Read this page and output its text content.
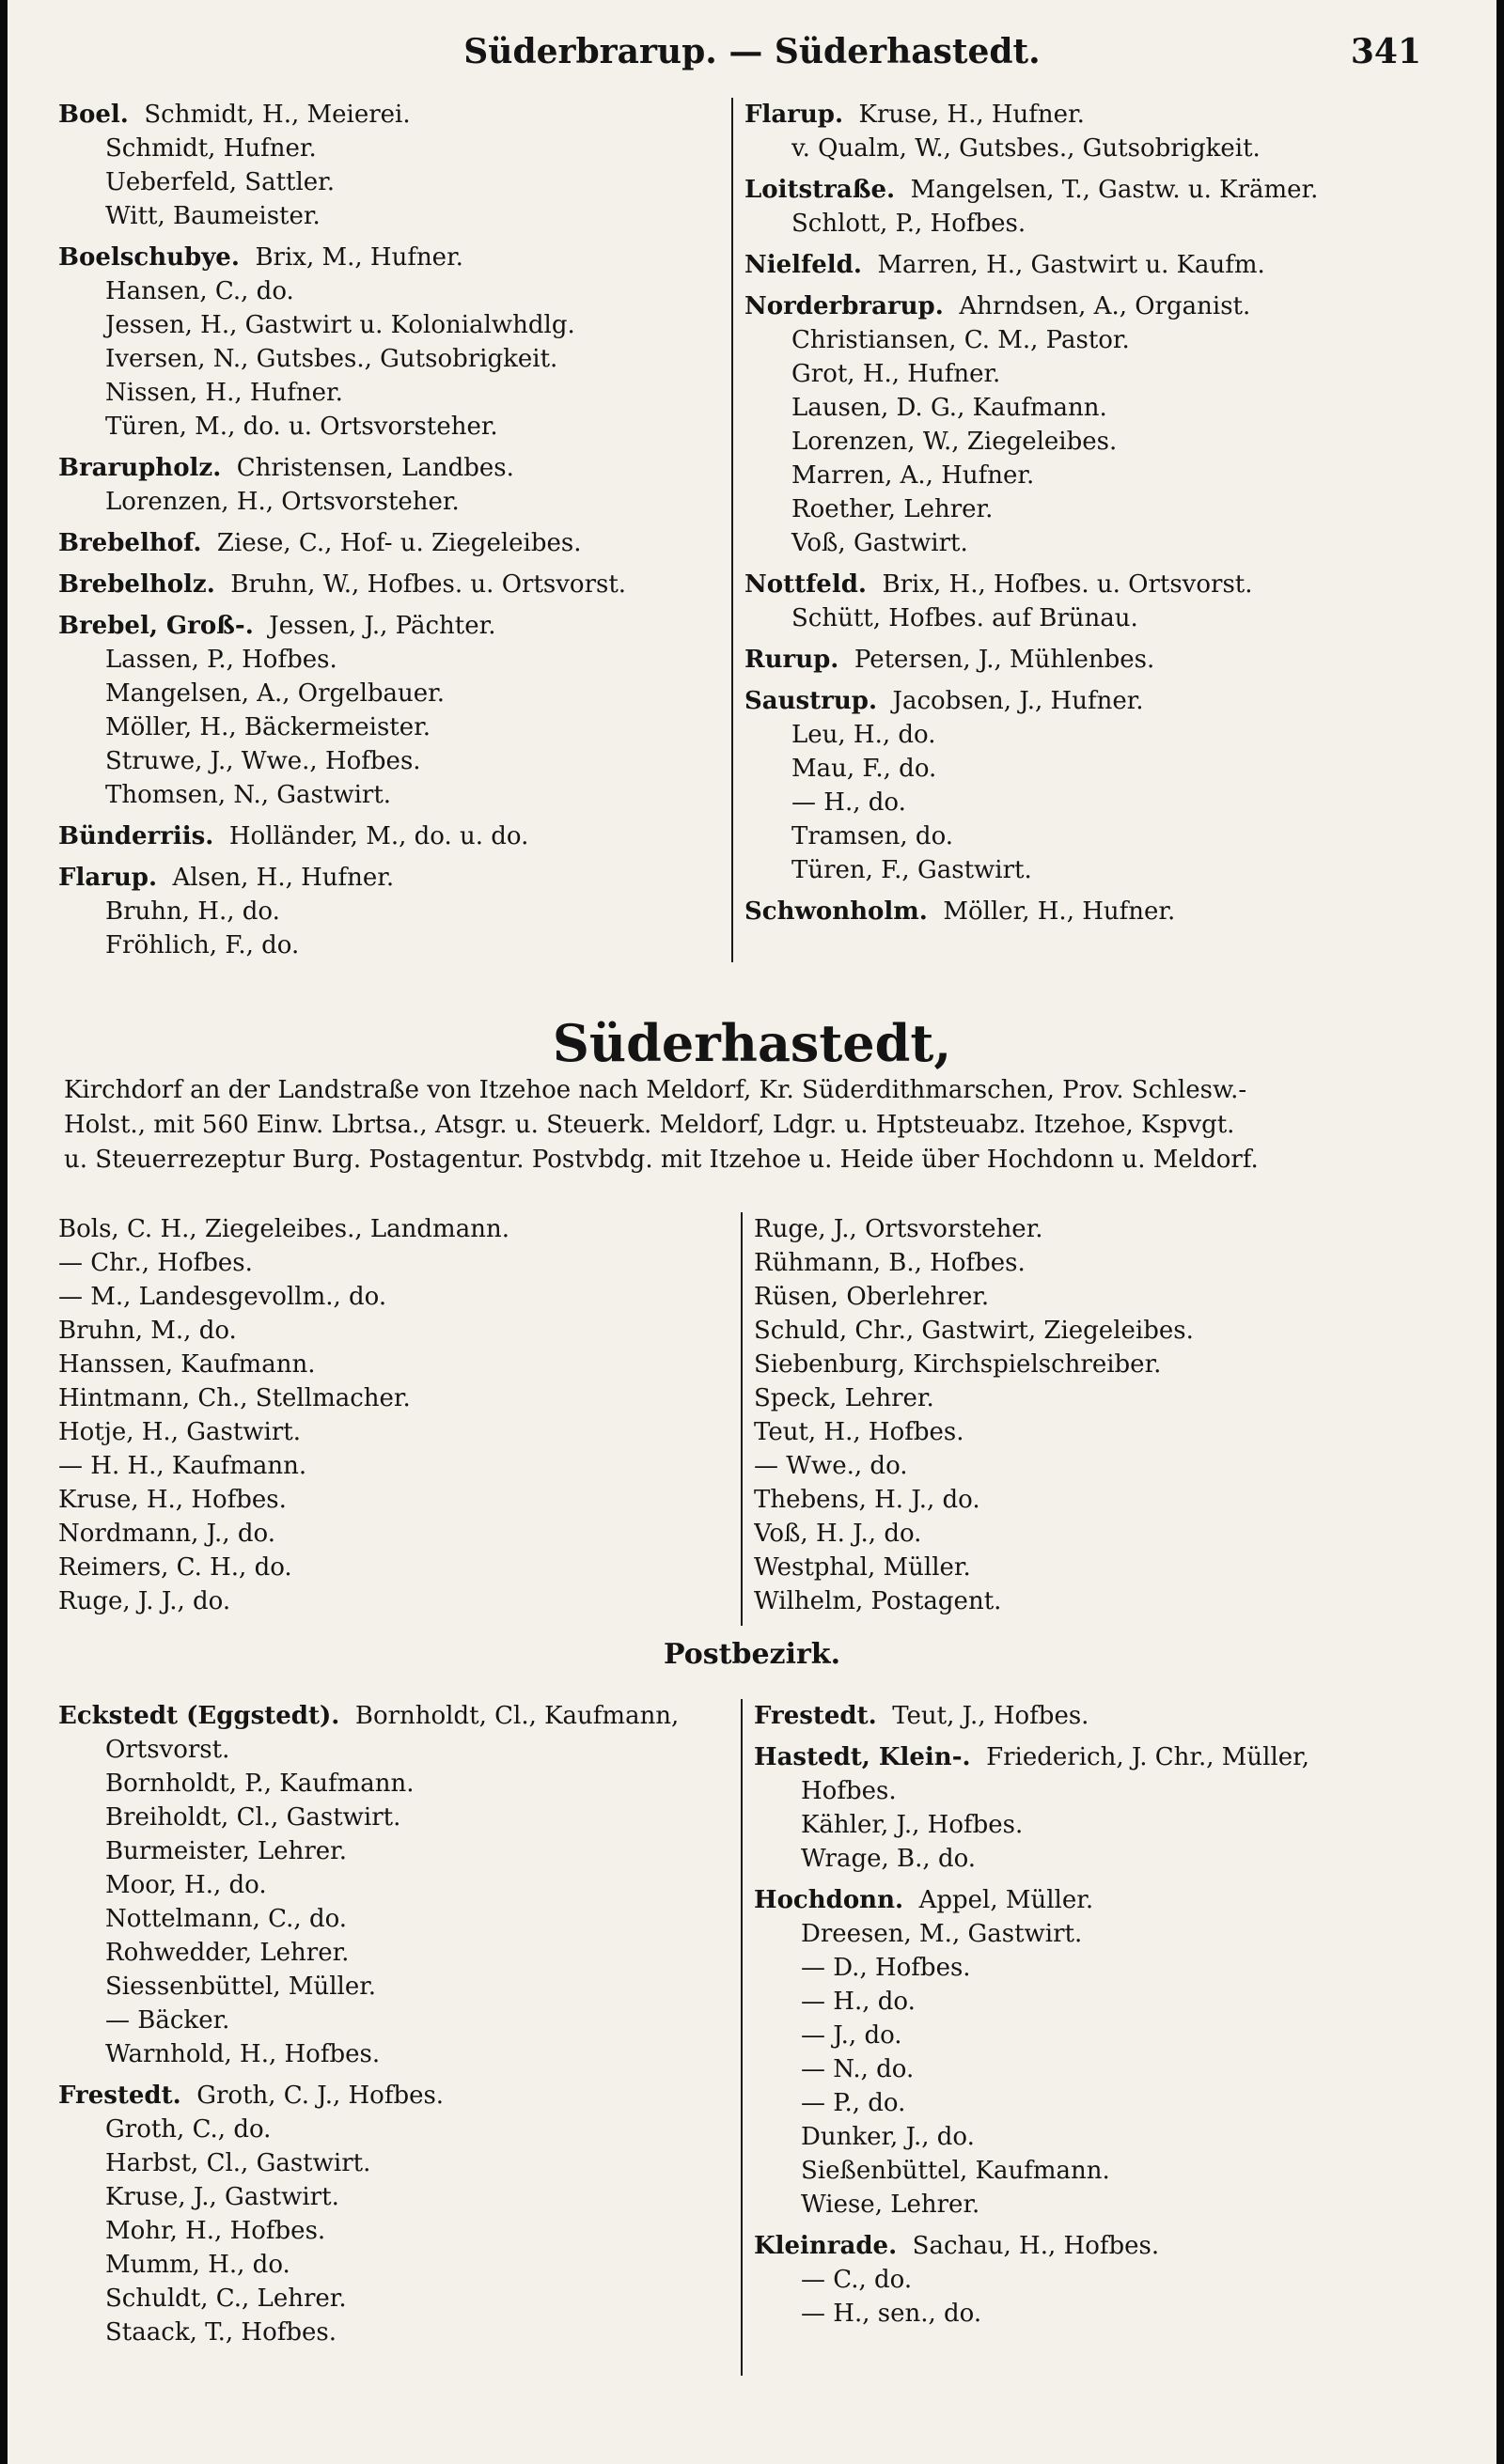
Süderbrarup. — Süderhastedt.	341
Boel. Schmidt, H., Meierei.
Schmidt, Hufner.
Ueberfeld, Sattler.
Witt, Baumeister.
Boelschubye. Brix, M., Hufner.
Hansen, C., do.
Jessen, H., Gastwirt u. Kolonialwhdlg.
Iversen, N., Gutsbes., Gutsobrigkeit.
Nissen, H., Hufner.
Türen, M., do. u. Ortsvorsteher.
Brarupholz. Christensen, Landbes.
Lorenzen, H., Ortsvorsteher.
Brebelhof. Ziese, C., Hof- u. Ziegeleibes.
Brebelholz. Bruhn, W., Hofbes. u. Ortsvorst.
Brebel, Groß-. Jessen, J., Pächter.
Lassen, P., Hofbes.
Mangelsen, A., Orgelbauer.
Möller, H., Bäckermeister.
Struwe, J., Wwe., Hofbes.
Thomsen, N., Gastwirt.
Bünderriis. Holländer, M., do. u. do.
Flarup. Alsen, H., Hufner.
Bruhn, H., do.
Fröhlich, F., do.
Flarup. Kruse, H., Hufner.
v. Qualm, W., Gutsbes., Gutsobrigkeit.
Loitstraße. Mangelsen, T., Gastw. u. Krämer.
Schlott, P., Hofbes.
Nielfeld. Marren, H., Gastwirt u. Kaufm.
Norderbrarup. Ahrndsen, A., Organist.
Christiansen, C. M., Pastor.
Grot, H., Hufner.
Lausen, D. G., Kaufmann.
Lorenzen, W., Ziegeleibes.
Marren, A., Hufner.
Roether, Lehrer.
Voß, Gastwirt.
Nottfeld. Brix, H., Hofbes. u. Ortsvorst.
Schütt, Hofbes. auf Brünau.
Rurup. Petersen, J., Mühlenbes.
Saustrup. Jacobsen, J., Hufner.
Leu, H., do.
Mau, F., do.
— H., do.
Tramsen, do.
Türen, F., Gastwirt.
Schwonholm. Möller, H., Hufner.
Süderhastedt,
Kirchdorf an der Landstraße von Itzehoe nach Meldorf, Kr. Süderdithmarschen, Prov. Schlesw.-
Holst., mit 560 Einw. Lbrtsa., Atsgr. u. Steuerk. Meldorf, Ldgr. u. Hptsteuabz. Itzehoe, Kspvgt.
u. Steuerrezeptur Burg. Postagentur. Postvbdg. mit Itzehoe u. Heide über Hochdonn u. Meldorf.
Bols, C. H., Ziegeleibes., Landmann.
— Chr., Hofbes.
— M., Landesgevollm., do.
Bruhn, M., do.
Hanssen, Kaufmann.
Hintmann, Ch., Stellmacher.
Hotje, H., Gastwirt.
— H. H., Kaufmann.
Kruse, H., Hofbes.
Nordmann, J., do.
Reimers, C. H., do.
Ruge, J. J., do.
Ruge, J., Ortsvorsteher.
Rühmann, B., Hofbes.
Rüsen, Oberlehrer.
Schuld, Chr., Gastwirt, Ziegeleibes.
Siebenburg, Kirchspielschreiber.
Speck, Lehrer.
Teut, H., Hofbes.
— Wwe., do.
Thebens, H. J., do.
Voß, H. J., do.
Westphal, Müller.
Wilhelm, Postagent.
Postbezirk.
Eckstedt (Eggstedt). Bornholdt, Cl., Kaufmann,
Ortsvorst.
Bornholdt, P., Kaufmann.
Breiholdt, Cl., Gastwirt.
Burmeister, Lehrer.
Moor, H., do.
Nottelmann, C., do.
Rohwedder, Lehrer.
Siessenbüttel, Müller.
— Bäcker.
Warnhold, H., Hofbes.
Frestedt. Groth, C. J., Hofbes.
Groth, C., do.
Harbst, Cl., Gastwirt.
Kruse, J., Gastwirt.
Mohr, H., Hofbes.
Mumm, H., do.
Schuldt, C., Lehrer.
Staack, T., Hofbes.
Frestedt. Teut, J., Hofbes.
Hastedt, Klein-. Friederich, J. Chr., Müller,
Hofbes.
Kähler, J., Hofbes.
Wrage, B., do.
Hochdonn. Appel, Müller.
Dreesen, M., Gastwirt.
— D., Hofbes.
— H., do.
— J., do.
— N., do.
— P., do.
Dunker, J., do.
Sießenbüttel, Kaufmann.
Wiese, Lehrer.
Kleinrade. Sachau, H., Hofbes.
— C., do.
— H., sen., do.
